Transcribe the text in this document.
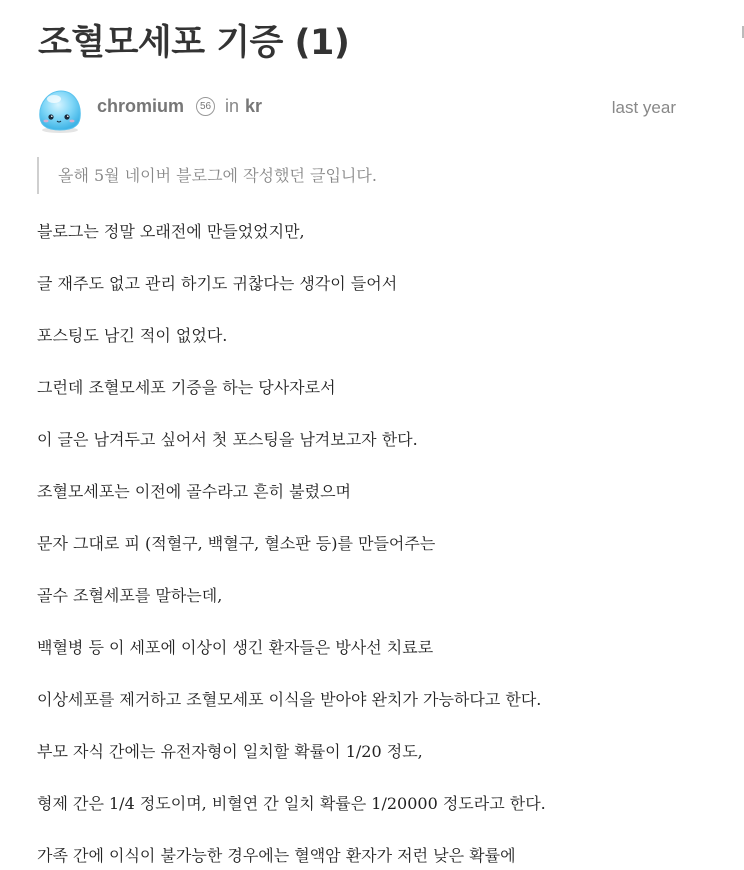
조혈모세포 기증 (1)
chromium	56 in kr	last year
올해 5월 네이버 블로그에 작성했던 글입니다.

블로그는 정말 오래전에 만들었었지만,

글 재주도 없고 관리 하기도 귀찮다는 생각이 들어서

포스팅도 남긴 적이 없었다.

그런데 조혈모세포 기증을 하는 당사자로서

이 글은 남겨두고 싶어서 첫 포스팅을 남겨보고자 한다.

조혈모세포는 이전에 골수라고 흔히 불렸으며

문자 그대로 피 (적혈구, 백혈구, 혈소판 등)를 만들어주는

골수 조혈세포를 말하는데,

백혈병 등 이 세포에 이상이 생긴 환자들은 방사선 치료로

이상세포를 제거하고 조혈모세포 이식을 받아야 완치가 가능하다고 한다.

부모 자식 간에는 유전자형이 일치할 확률이 1/20 정도,

형제 간은 1/4 정도이며, 비혈연 간 일치 확률은 1/20000 정도라고 한다.

가족 간에 이식이 불가능한 경우에는 혈액암 환자가 저런 낮은 확률에
